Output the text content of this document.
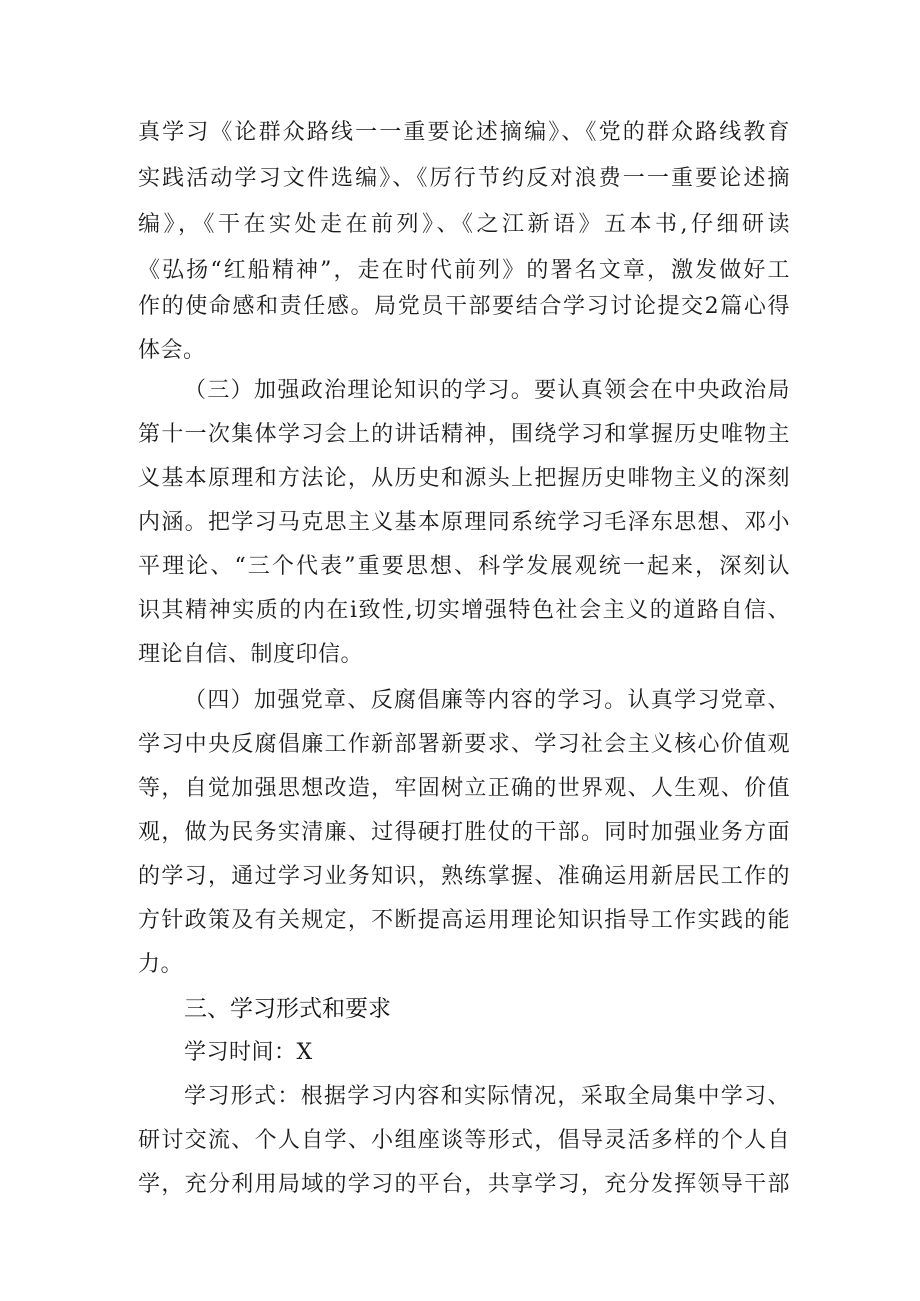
真学习《论群众路线一一重要论述摘编》、《党的群众路线教育
实践活动学习文件选编》、《厉行节约反对浪费一一重要论述摘
编》，《干在实处走在前列》、《之江新语》五本书,仔细研读
《弘扬“红船精神”，走在时代前列》的署名文章，激发做好工
作的使命感和责任感。局党员干部要结合学习讨论提交2篇心得
体会。
（三）加强政治理论知识的学习。要认真领会在中央政治局
第十一次集体学习会上的讲话精神，围绕学习和掌握历史唯物主
义基本原理和方法论，从历史和源头上把握历史啡物主义的深刻
内涵。把学习马克思主义基本原理同系统学习毛泽东思想、邓小
平理论、“三个代表”重要思想、科学发展观统一起来，深刻认
识其精神实质的内在i致性,切实增强特色社会主义的道路自信、
理论自信、制度印信。
（四）加强党章、反腐倡廉等内容的学习。认真学习党章、
学习中央反腐倡廉工作新部署新要求、学习社会主义核心价值观
等，自觉加强思想改造，牢固树立正确的世界观、人生观、价值
观，做为民务实清廉、过得硬打胜仗的干部。同时加强业务方面
的学习，通过学习业务知识，熟练掌握、准确运用新居民工作的
方针政策及有关规定，不断提高运用理论知识指导工作实践的能
力。
三、学习形式和要求
学习时间：X
学习形式：根据学习内容和实际情况，采取全局集中学习、
研讨交流、个人自学、小组座谈等形式，倡导灵活多样的个人自
学，充分利用局域的学习的平台，共享学习，充分发挥领导干部
